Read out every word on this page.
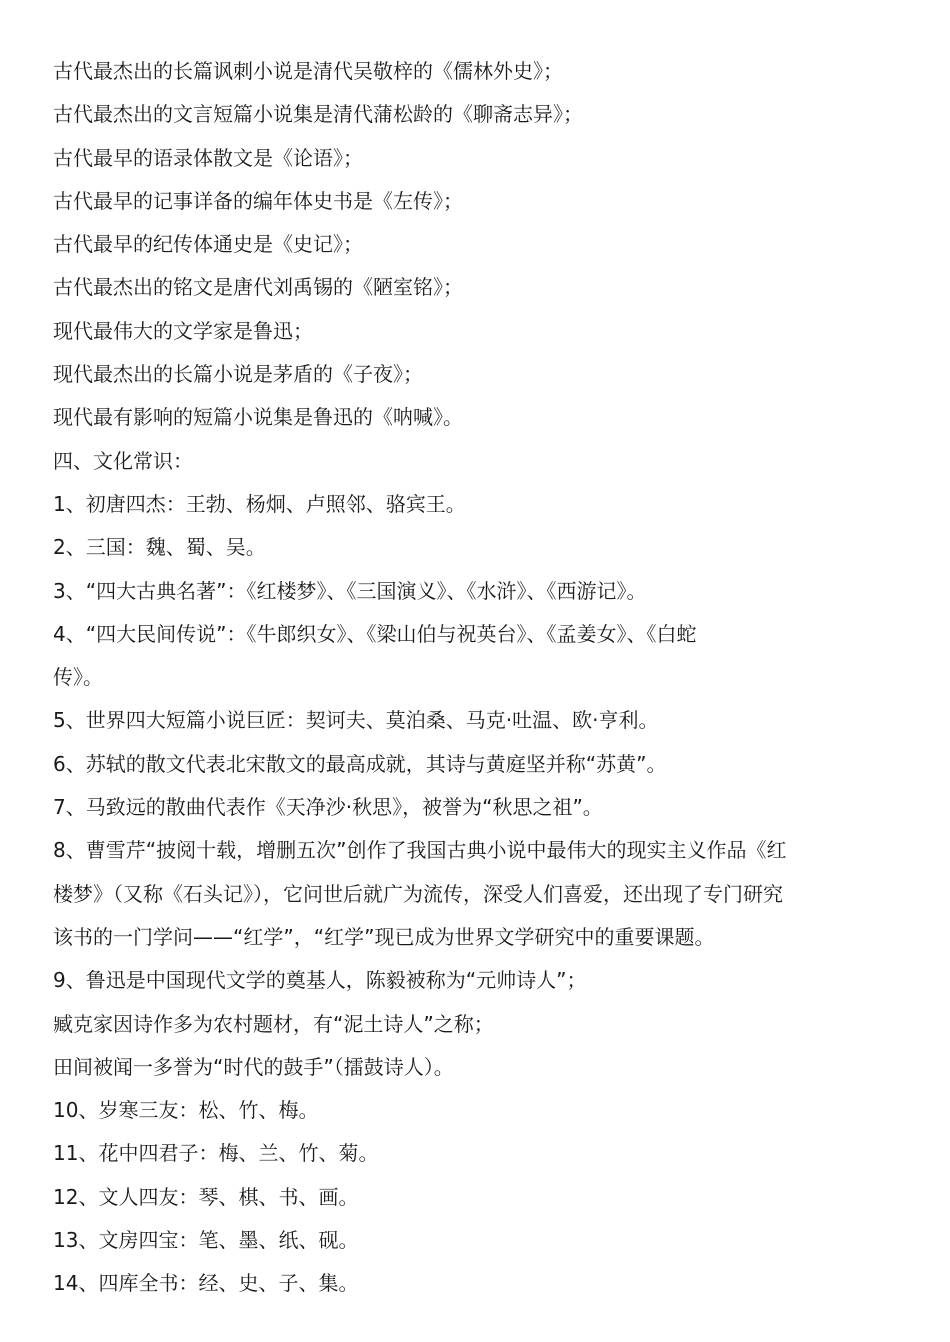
古代最杰出的长篇讽刺小说是清代吴敬梓的《儒林外史》；
古代最杰出的文言短篇小说集是清代蒲松龄的《聊斋志异》；
古代最早的语录体散文是《论语》；
古代最早的记事详备的编年体史书是《左传》；
古代最早的纪传体通史是《史记》；
古代最杰出的铭文是唐代刘禹锡的《陋室铭》；
现代最伟大的文学家是鲁迅；
现代最杰出的长篇小说是茅盾的《子夜》；
现代最有影响的短篇小说集是鲁迅的《呐喊》。
四、文化常识：
1、初唐四杰：王勃、杨炯、卢照邻、骆宾王。
2、三国：魏、蜀、吴。
3、“四大古典名著”：《红楼梦》、《三国演义》、《水浒》、《西游记》。
4、“四大民间传说”：《牛郎织女》、《梁山伯与祝英台》、《孟姜女》、《白蛇
传》。
5、世界四大短篇小说巨匠：契诃夫、莫泊桑、马克·吐温、欧·亨利。
6、苏轼的散文代表北宋散文的最高成就，其诗与黄庭坚并称“苏黄”。
7、马致远的散曲代表作《天净沙·秋思》，被誉为“秋思之祖”。
8、曹雪芹“披阅十载，增删五次”创作了我国古典小说中最伟大的现实主义作品《红
楼梦》（又称《石头记》），它问世后就广为流传，深受人们喜爱，还出现了专门研究
该书的一门学问——“红学”，“红学”现已成为世界文学研究中的重要课题。
9、鲁迅是中国现代文学的奠基人，陈毅被称为“元帅诗人”；
臧克家因诗作多为农村题材，有“泥土诗人”之称；
田间被闻一多誉为“时代的鼓手”（擂鼓诗人）。
10、岁寒三友：松、竹、梅。
11、花中四君子：梅、兰、竹、菊。
12、文人四友：琴、棋、书、画。
13、文房四宝：笔、墨、纸、砚。
14、四库全书：经、史、子、集。
